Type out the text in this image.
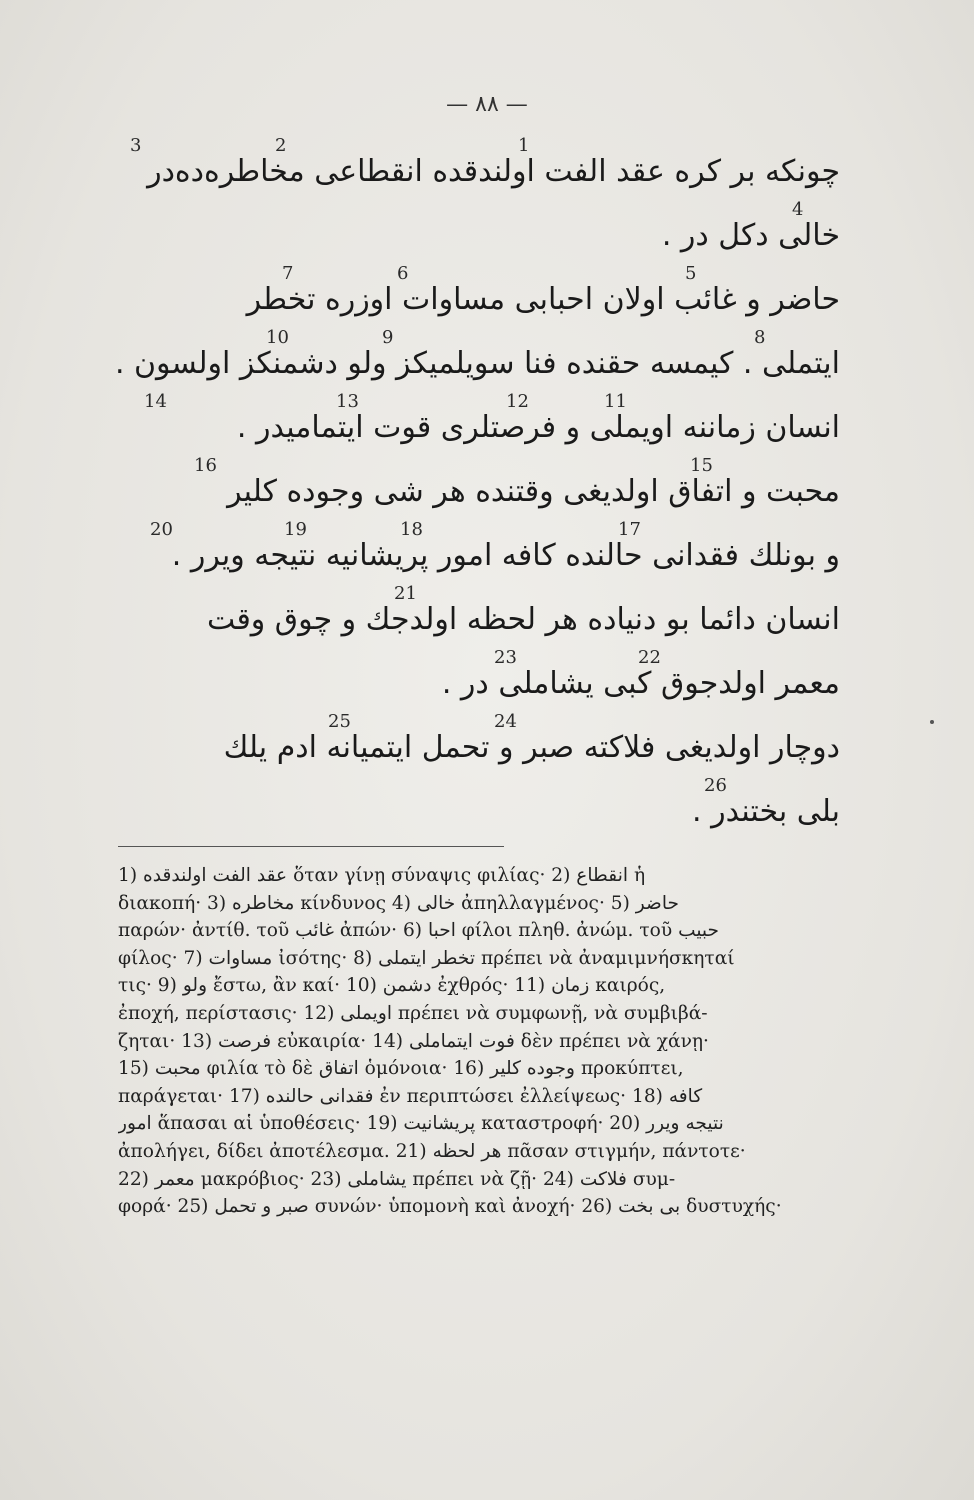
— ٨٨ —
چونكه بر كره عقد الفت اولندقده انقطاعى مخاطره‌ده‌در
3	2	1
خالى دكل در .
4
حاضر و غائب اولان احبابى مساوات اوزره تخطر
7	6	5
ايتملى . كيمسه حقنده فنا سويلميكز ولو دشمنكز اولسون .
10	9	8
انسان زماننه اويملى و فرصتلرى قوت ايتماميدر .
14	13	12	11
محبت و اتفاق اولديغى وقتنده هر شى وجوده كلير
16	15
و بونلك فقدانى حالنده كافه امور پريشانيه نتيجه ويرر .
20	19	18	17
انسان دائما بو دنياده هر لحظه اولدجك و چوق وقت
21
معمر اولدجوق كبى يشاملى در .
23	22
دوچار اولديغى فلاكته صبر و تحمل ايتميانه ادم يلك
25	24
بلى بختندر .
26

1) عقد الفت اولندقده ὅταν γίνῃ σύναψις φιλίας· 2) انقطاع ἡ

διακοπή· 3) مخاطره κίνδυνος 4) خالى ἀπηλλαγμένος· 5) حاضر

παρών· ἀντίθ. τοῦ غائب ἀπών· 6) احبا φίλοι πληθ. ἀνώμ. τοῦ حبيب

φίλος· 7) مساوات ἰσότης· 8) تخطر ايتملى πρέπει νὰ ἀναμιμνήσκηταί

τις· 9) ولو ἔστω, ἂν καί· 10) دشمن ἐχθρός· 11) زمان καιρός,

ἐποχή, περίστασις· 12) اويملى πρέπει νὰ συμφωνῇ, νὰ συμβιβά-

ζηται· 13) فرصت εὐκαιρία· 14) فوت ايتماملى δὲν πρέπει νὰ χάνῃ·

15) محبت φιλία τὸ δὲ اتفاق ὁμόνοια· 16) وجوده كلير προκύπτει,

παράγεται· 17) فقدانى حالنده ἐν περιπτώσει ἐλλείψεως· 18) كافه

امور ἅπασαι αἱ ὑποθέσεις· 19) پريشانيت καταστροφή· 20) نتيجه ويرر

ἀπολήγει, δίδει ἀποτέλεσμα. 21) هر لحظه πᾶσαν στιγμήν, πάντοτε·

22) معمر μακρόβιος· 23) يشاملى πρέπει νὰ ζῇ· 24) فلاكت συμ-

φορά· 25) صبر و تحمل συνών· ὑπομονὴ καὶ ἀνοχή· 26) بى بخت δυστυχής·
